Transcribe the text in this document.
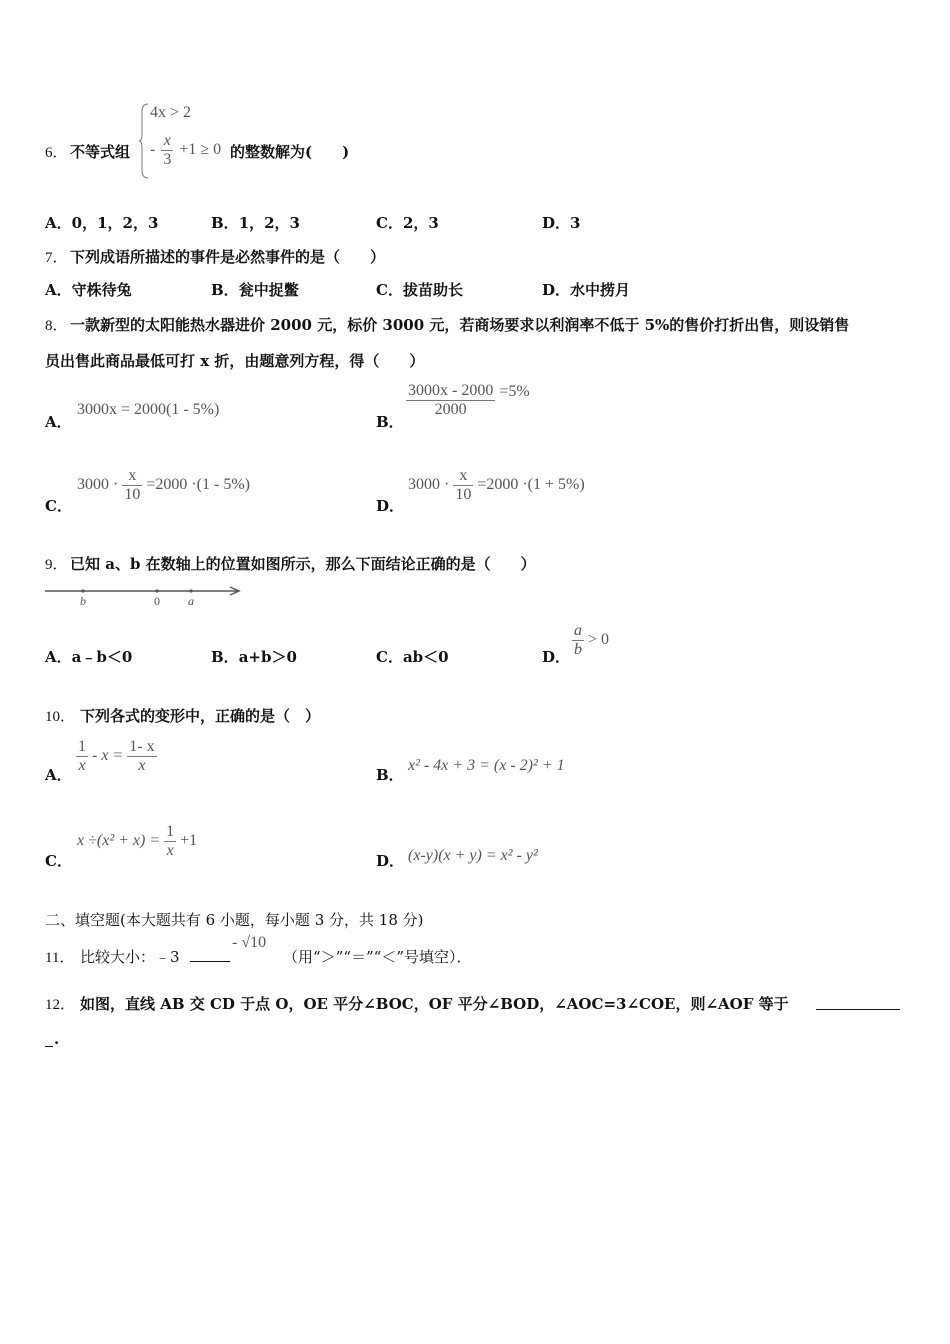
6． 不等式组
4x > 2
- $\frac{x}{3} +1 \ge 0$ 的整数解为(　　)
A．0，1，2，3	B．1，2，3	C．2，3	D．3
7． 下列成语所描述的事件是必然事件的是（　　）
A．守株待兔	B．瓮中捉鳖	C．拔苗助长	D．水中捞月
8． 一款新型的太阳能热水器进价 2000 元，标价 3000 元，若商场要求以利润率不低于 5%的售价打折出售，则设销售
员出售此商品最低可打 x 折，由题意列方程，得（　　）
A．
3000x = 2000(1 - 5%)
B．
$\frac{3000x - 2000}{2000} =5\%$
C．
$3000 \cdot \frac{x}{10} =2000 \cdot(1 - 5\%)$
D．
$3000 \cdot \frac{x}{10} =2000 \cdot(1 + 5\%)$
9． 已知 a、b 在数轴上的位置如图所示，那么下面结论正确的是（　　）
b	0 a
A．a﹣b＜0	B．a+b＞0	C．ab＜0	D． $\frac{a}{b} > 0$
10． 下列各式的变形中，正确的是（　）
A． $\frac{1}{x} - x = \frac{1- x}{x}$	B．
x² - 4x + 3 = (x - 2)² + 1
C．
$x \div(x^2 + x) = \frac{1}{x} +1$
D． (x-y)(x + y) = x² - y²
二、填空题(本大题共有 6 小题，每小题 3 分，共 18 分)
11． 比较大小：﹣3
- √10
（用“＞”“＝”“＜”号填空）．
12． 如图，直线 AB 交 CD 于点 O，OE 平分∠BOC，OF 平分∠BOD，∠AOC=3∠COE，则∠AOF 等于
.
